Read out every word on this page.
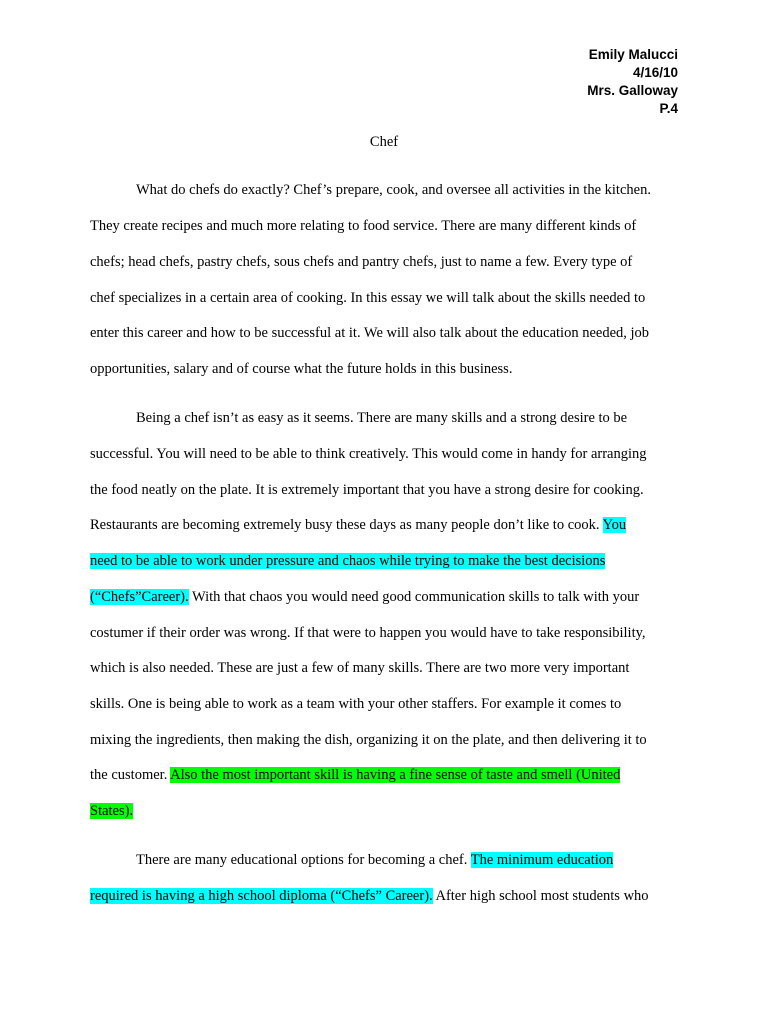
Emily Malucci
4/16/10
Mrs. Galloway
P.4
Chef
What do chefs do exactly? Chef’s prepare, cook, and oversee all activities in the kitchen.
They create recipes and much more relating to food service. There are many different kinds of
chefs; head chefs, pastry chefs, sous chefs and pantry chefs, just to name a few. Every type of
chef specializes in a certain area of cooking. In this essay we will talk about the skills needed to
enter this career and how to be successful at it. We will also talk about the education needed, job
opportunities, salary and of course what the future holds in this business.
Being a chef isn’t as easy as it seems. There are many skills and a strong desire to be
successful. You will need to be able to think creatively. This would come in handy for arranging
the food neatly on the plate. It is extremely important that you have a strong desire for cooking.
Restaurants are becoming extremely busy these days as many people don’t like to cook. You
need to be able to work under pressure and chaos while trying to make the best decisions
(“Chefs”Career). With that chaos you would need good communication skills to talk with your
costumer if their order was wrong. If that were to happen you would have to take responsibility,
which is also needed. These are just a few of many skills. There are two more very important
skills. One is being able to work as a team with your other staffers. For example it comes to
mixing the ingredients, then making the dish, organizing it on the plate, and then delivering it to
the customer. Also the most important skill is having a fine sense of taste and smell (United
States).
There are many educational options for becoming a chef. The minimum education
required is having a high school diploma (“Chefs” Career). After high school most students who
